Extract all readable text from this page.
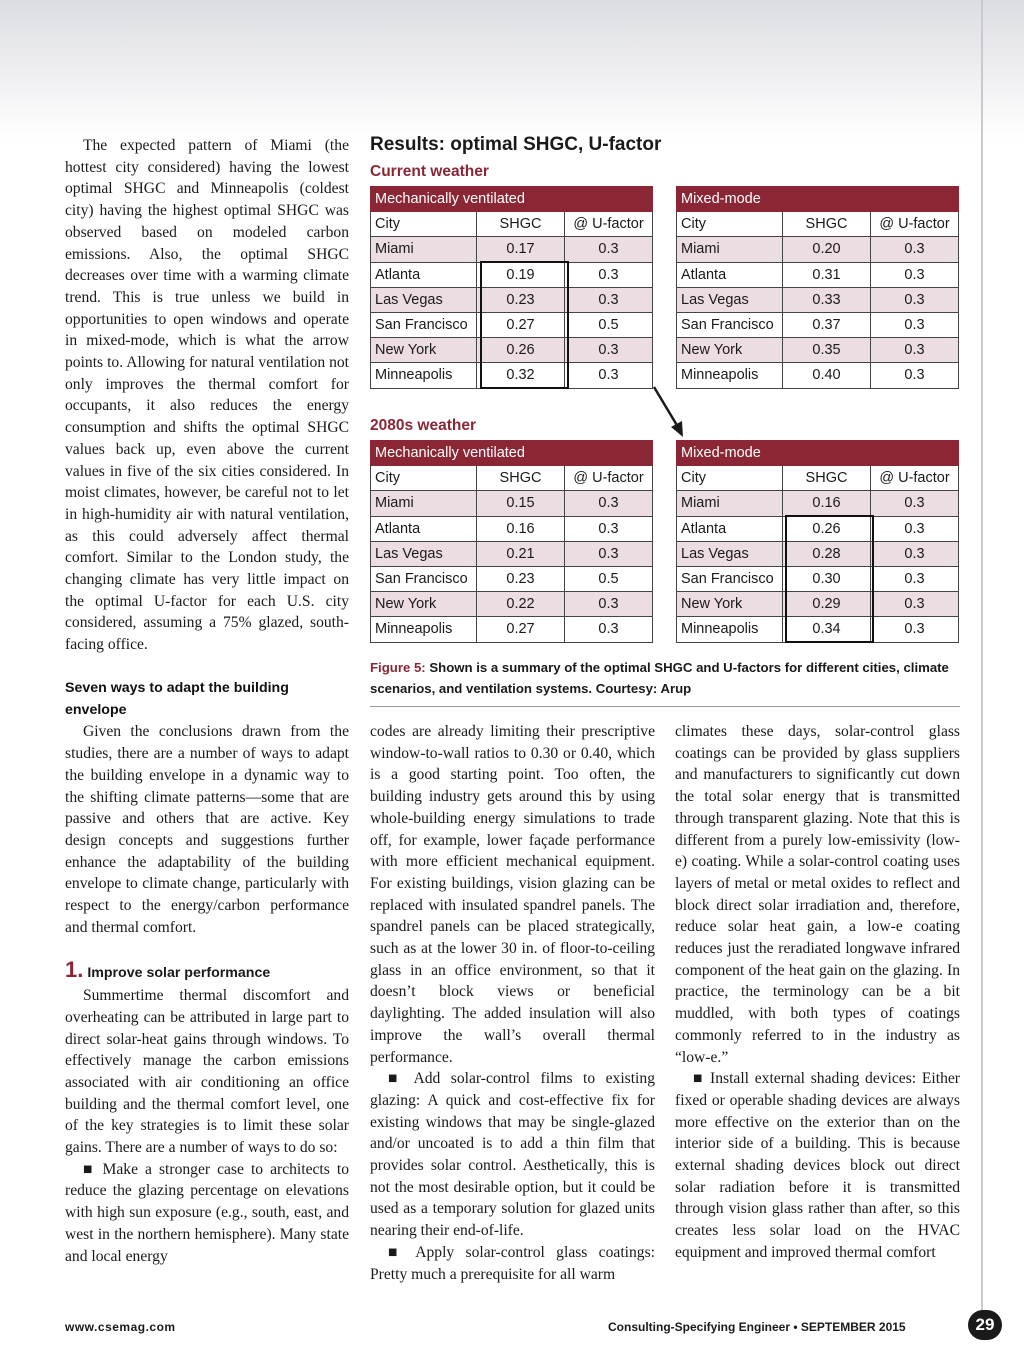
The expected pattern of Miami (the hottest city considered) having the lowest optimal SHGC and Minneapolis (coldest city) having the highest optimal SHGC was observed based on modeled carbon emissions. Also, the optimal SHGC decreases over time with a warming climate trend. This is true unless we build in opportunities to open windows and operate in mixed-mode, which is what the arrow points to. Allowing for natural ventilation not only improves the thermal comfort for occupants, it also reduces the energy consumption and shifts the optimal SHGC values back up, even above the current values in five of the six cities considered. In moist climates, however, be careful not to let in high-humidity air with natural ventilation, as this could adversely affect thermal comfort. Similar to the London study, the changing climate has very little impact on the optimal U-factor for each U.S. city considered, assuming a 75% glazed, south-facing office.

Seven ways to adapt the building envelope

Given the conclusions drawn from the studies, there are a number of ways to adapt the building envelope in a dynamic way to the shifting climate patterns—some that are passive and others that are active. Key design concepts and suggestions further enhance the adaptability of the building envelope to climate change, particularly with respect to the energy/carbon performance and thermal comfort.

1. Improve solar performance

Summertime thermal discomfort and overheating can be attributed in large part to direct solar-heat gains through windows. To effectively manage the carbon emissions associated with air conditioning an office building and the thermal comfort level, one of the key strategies is to limit these solar gains. There are a number of ways to do so:

■ Make a stronger case to architects to reduce the glazing percentage on elevations with high sun exposure (e.g., south, east, and west in the northern hemisphere). Many state and local energy

codes are already limiting their prescriptive window-to-wall ratios to 0.30 or 0.40, which is a good starting point. Too often, the building industry gets around this by using whole-building energy simulations to trade off, for example, lower façade performance with more efficient mechanical equipment. For existing buildings, vision glazing can be replaced with insulated spandrel panels. The spandrel panels can be placed strategically, such as at the lower 30 in. of floor-to-ceiling glass in an office environment, so that it doesn’t block views or beneficial daylighting. The added insulation will also improve the wall’s overall thermal performance.

■ Add solar-control films to existing glazing: A quick and cost-effective fix for existing windows that may be single-glazed and/or uncoated is to add a thin film that provides solar control. Aesthetically, this is not the most desirable option, but it could be used as a temporary solution for glazed units nearing their end-of-life.

■ Apply solar-control glass coatings: Pretty much a prerequisite for all warm

climates these days, solar-control glass coatings can be provided by glass suppliers and manufacturers to significantly cut down the total solar energy that is transmitted through transparent glazing. Note that this is different from a purely low-emissivity (low-e) coating. While a solar-control coating uses layers of metal or metal oxides to reflect and block direct solar irradiation and, therefore, reduce solar heat gain, a low-e coating reduces just the reradiated longwave infrared component of the heat gain on the glazing. In practice, the terminology can be a bit muddled, with both types of coatings commonly referred to in the industry as “low-e.”

■ Install external shading devices: Either fixed or operable shading devices are always more effective on the exterior than on the interior side of a building. This is because external shading devices block out direct solar radiation before it is transmitted through vision glass rather than after, so this creates less solar load on the HVAC equipment and improved thermal comfort

Results: optimal SHGC, U-factor
Current weather
2080s weather
Mechanically ventilated		
City	SHGC	@ U-factor
Miami	0.17	0.3
Atlanta	0.19	0.3
Las Vegas	0.23	0.3
San Francisco	0.27	0.5
New York	0.26	0.3
Minneapolis	0.32	0.3
Mixed-mode		
City	SHGC	@ U-factor
Miami	0.20	0.3
Atlanta	0.31	0.3
Las Vegas	0.33	0.3
San Francisco	0.37	0.3
New York	0.35	0.3
Minneapolis	0.40	0.3
Mechanically ventilated		
City	SHGC	@ U-factor
Miami	0.15	0.3
Atlanta	0.16	0.3
Las Vegas	0.21	0.3
San Francisco	0.23	0.5
New York	0.22	0.3
Minneapolis	0.27	0.3
Mixed-mode		
City	SHGC	@ U-factor
Miami	0.16	0.3
Atlanta	0.26	0.3
Las Vegas	0.28	0.3
San Francisco	0.30	0.3
New York	0.29	0.3
Minneapolis	0.34	0.3
Figure 5: Shown is a summary of the optimal SHGC and U-factors for different cities, climate scenarios, and ventilation systems. Courtesy: Arup
www.csemag.com	Consulting-Specifying Engineer • SEPTEMBER 2015	29
